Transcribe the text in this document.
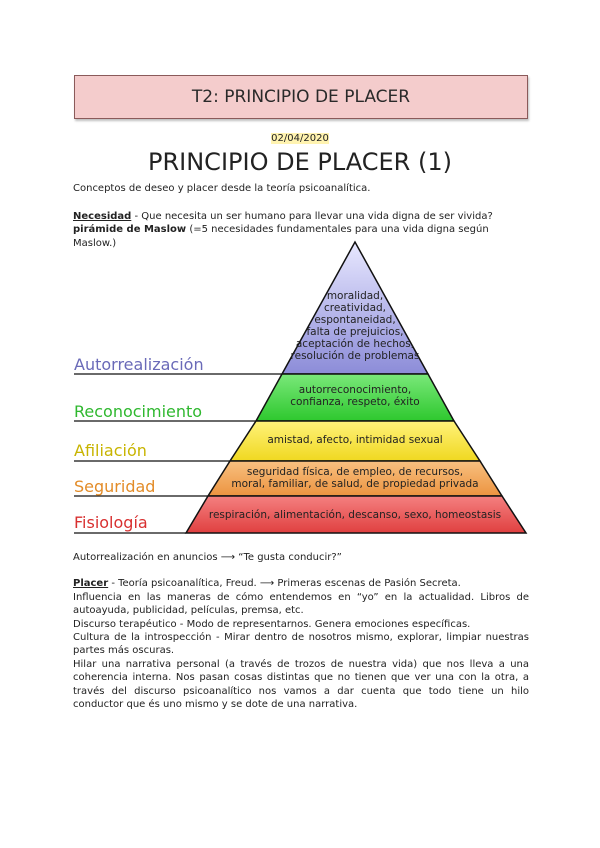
T2: PRINCIPIO DE PLACER
02/04/2020
PRINCIPIO DE PLACER (1)

Conceptos de deseo y placer desde la teoría psicoanalítica.

Necesidad - Que necesita un ser humano para llevar una vida digna de ser vivida? pirámide de Maslow (=5 necesidades fundamentales para una vida digna según Maslow.)

Autorrealización
Reconocimiento
Afiliación
Seguridad
Fisiología
moralidad,
creatividad,
espontaneidad,
falta de prejuicios,
aceptación de hechos,
resolución de problemas
autorreconocimiento,
confianza, respeto, éxito
amistad, afecto, intimidad sexual
seguridad física, de empleo, de recursos,
moral, familiar, de salud, de propiedad privada
respiración, alimentación, descanso, sexo, homeostasis

Autorrealización en anuncios ⟶ “Te gusta conducir?”

Placer - Teoría psicoanalítica, Freud. ⟶ Primeras escenas de Pasión Secreta.

Influencia en las maneras de cómo entendemos en “yo” en la actualidad. Libros de autoayuda, publicidad, películas, premsa, etc.

Discurso terapéutico - Modo de representarnos. Genera emociones específicas.

Cultura de la introspección - Mirar dentro de nosotros mismo, explorar, limpiar nuestras partes más oscuras.

Hilar una narrativa personal (a través de trozos de nuestra vida) que nos lleva a una coherencia interna. Nos pasan cosas distintas que no tienen que ver una con la otra, a través del discurso psicoanalítico nos vamos a dar cuenta que todo tiene un hilo conductor que és uno mismo y se dote de una narrativa.
